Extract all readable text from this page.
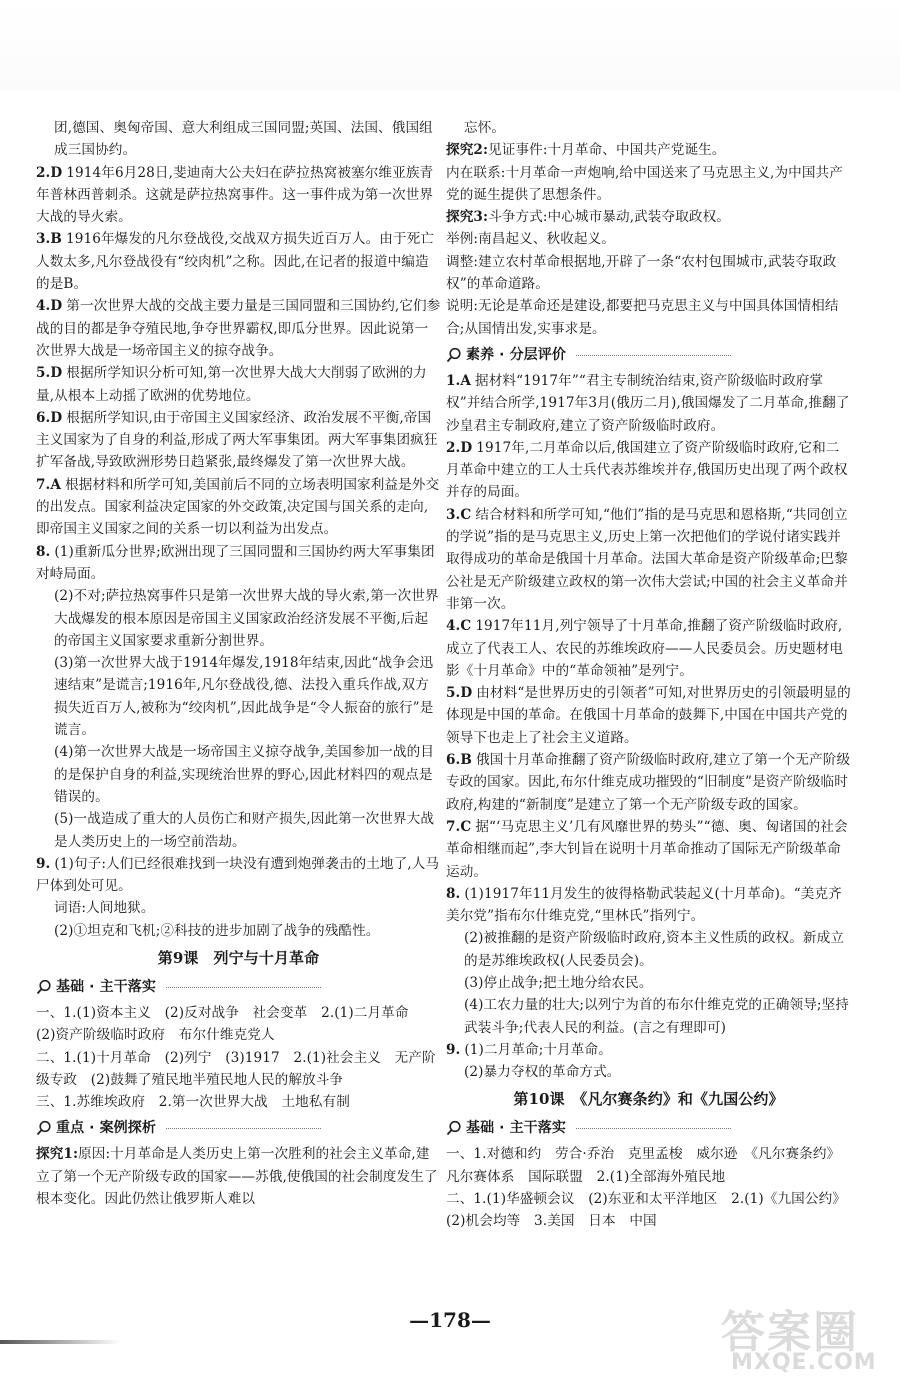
团,德国、奥匈帝国、意大利组成三国同盟;英国、法国、俄国组成三国协约。

2.D 1914年6月28日,斐迪南大公夫妇在萨拉热窝被塞尔维亚族青年普林西普刺杀。这就是萨拉热窝事件。这一事件成为第一次世界大战的导火索。

3.B 1916年爆发的凡尔登战役,交战双方损失近百万人。由于死亡人数太多,凡尔登战役有“绞肉机”之称。因此,在记者的报道中编造的是B。

4.D 第一次世界大战的交战主要力量是三国同盟和三国协约,它们参战的目的都是争夺殖民地,争夺世界霸权,即瓜分世界。因此说第一次世界大战是一场帝国主义的掠夺战争。

5.D 根据所学知识分析可知,第一次世界大战大大削弱了欧洲的力量,从根本上动摇了欧洲的优势地位。

6.D 根据所学知识,由于帝国主义国家经济、政治发展不平衡,帝国主义国家为了自身的利益,形成了两大军事集团。两大军事集团疯狂扩军备战,导致欧洲形势日趋紧张,最终爆发了第一次世界大战。

7.A 根据材料和所学可知,美国前后不同的立场表明国家利益是外交的出发点。国家利益决定国家的外交政策,决定国与国关系的走向,即帝国主义国家之间的关系一切以利益为出发点。

8. (1)重新瓜分世界;欧洲出现了三国同盟和三国协约两大军事集团对峙局面。

(2)不对;萨拉热窝事件只是第一次世界大战的导火索,第一次世界大战爆发的根本原因是帝国主义国家政治经济发展不平衡,后起的帝国主义国家要求重新分割世界。

(3)第一次世界大战于1914年爆发,1918年结束,因此“战争会迅速结束”是谎言;1916年,凡尔登战役,德、法投入重兵作战,双方损失近百万人,被称为“绞肉机”,因此战争是“令人振奋的旅行”是谎言。

(4)第一次世界大战是一场帝国主义掠夺战争,美国参加一战的目的是保护自身的利益,实现统治世界的野心,因此材料四的观点是错误的。

(5)一战造成了重大的人员伤亡和财产损失,因此第一次世界大战是人类历史上的一场空前浩劫。

9. (1)句子:人们已经很难找到一块没有遭到炮弹袭击的土地了,人马尸体到处可见。

词语:人间地狱。

(2)①坦克和飞机;②科技的进步加剧了战争的残酷性。

第9课　列宁与十月革命
基础 · 主干落实

一、1.(1)资本主义　(2)反对战争　社会变革　2.(1)二月革命　(2)资产阶级临时政府　布尔什维克党人

二、1.(1)十月革命　(2)列宁　(3)1917　2.(1)社会主义　无产阶级专政　(2)鼓舞了殖民地半殖民地人民的解放斗争

三、1.苏维埃政府　2.第一次世界大战　土地私有制

重点 · 案例探析

探究1:原因:十月革命是人类历史上第一次胜利的社会主义革命,建立了第一个无产阶级专政的国家——苏俄,使俄国的社会制度发生了根本变化。因此仍然让俄罗斯人难以

忘怀。

探究2:见证事件:十月革命、中国共产党诞生。

内在联系:十月革命一声炮响,给中国送来了马克思主义,为中国共产党的诞生提供了思想条件。

探究3:斗争方式:中心城市暴动,武装夺取政权。

举例:南昌起义、秋收起义。

调整:建立农村革命根据地,开辟了一条“农村包围城市,武装夺取政权”的革命道路。

说明:无论是革命还是建设,都要把马克思主义与中国具体国情相结合;从国情出发,实事求是。

素养 · 分层评价

1.A 据材料“1917年”“君主专制统治结束,资产阶级临时政府掌权”并结合所学,1917年3月(俄历二月),俄国爆发了二月革命,推翻了沙皇君主专制政府,建立了资产阶级临时政府。

2.D 1917年,二月革命以后,俄国建立了资产阶级临时政府,它和二月革命中建立的工人士兵代表苏维埃并存,俄国历史出现了两个政权并存的局面。

3.C 结合材料和所学可知,“他们”指的是马克思和恩格斯,“共同创立的学说”指的是马克思主义,历史上第一次把他们的学说付诸实践并取得成功的革命是俄国十月革命。法国大革命是资产阶级革命;巴黎公社是无产阶级建立政权的第一次伟大尝试;中国的社会主义革命并非第一次。

4.C 1917年11月,列宁领导了十月革命,推翻了资产阶级临时政府,成立了代表工人、农民的苏维埃政府——人民委员会。历史题材电影《十月革命》中的“革命领袖”是列宁。

5.D 由材料“是世界历史的引领者”可知,对世界历史的引领最明显的体现是中国的革命。在俄国十月革命的鼓舞下,中国在中国共产党的领导下也走上了社会主义道路。

6.B 俄国十月革命推翻了资产阶级临时政府,建立了第一个无产阶级专政的国家。因此,布尔什维克成功摧毁的“旧制度”是资产阶级临时政府,构建的“新制度”是建立了第一个无产阶级专政的国家。

7.C 据“‘马克思主义’几有风靡世界的势头”“德、奥、匈诸国的社会革命相继而起”,李大钊旨在说明十月革命推动了国际无产阶级革命运动。

8. (1)1917年11月发生的彼得格勒武装起义(十月革命)。“美克齐美尔党”指布尔什维克党,“里林氏”指列宁。

(2)被推翻的是资产阶级临时政府,资本主义性质的政权。新成立的是苏维埃政权(人民委员会)。

(3)停止战争;把土地分给农民。

(4)工农力量的壮大;以列宁为首的布尔什维克党的正确领导;坚持武装斗争;代表人民的利益。(言之有理即可)

9. (1)二月革命;十月革命。

(2)暴力夺权的革命方式。

第10课　《凡尔赛条约》和《九国公约》
基础 · 主干落实

一、1.对德和约　劳合·乔治　克里孟梭　威尔逊　《凡尔赛条约》　凡尔赛体系　国际联盟　2.(1)全部海外殖民地

二、1.(1)华盛顿会议　(2)东亚和太平洋地区　2.(1)《九国公约》　(2)机会均等　3.美国　日本　中国

—178—	答案圈
MXQE.COM
